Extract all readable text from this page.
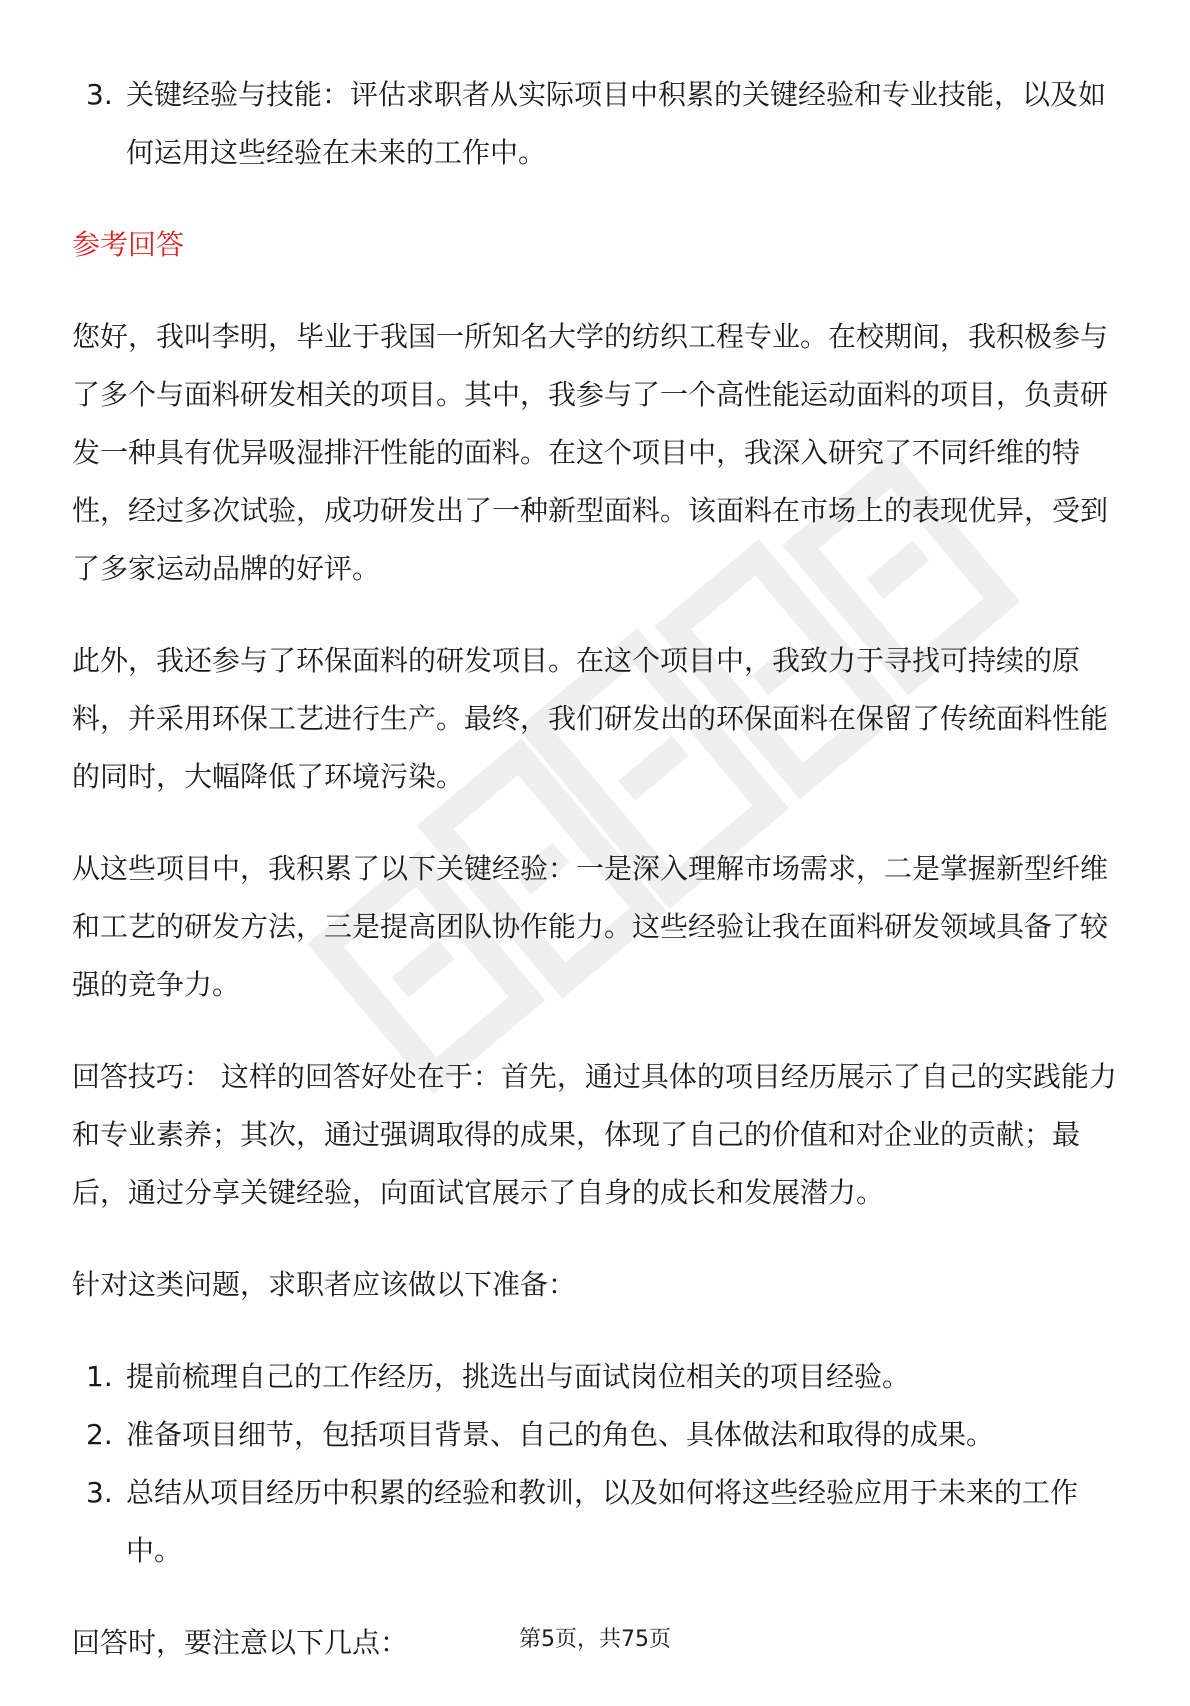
3. 关键经验与技能：评估求职者从实际项目中积累的关键经验和专业技能，以及如何运用这些经验在未来的工作中。
参考回答

您好，我叫李明，毕业于我国一所知名大学的纺织工程专业。在校期间，我积极参与了多个与面料研发相关的项目。其中，我参与了一个高性能运动面料的项目，负责研发一种具有优异吸湿排汗性能的面料。在这个项目中，我深入研究了不同纤维的特性，经过多次试验，成功研发出了一种新型面料。该面料在市场上的表现优异，受到了多家运动品牌的好评。

此外，我还参与了环保面料的研发项目。在这个项目中，我致力于寻找可持续的原料，并采用环保工艺进行生产。最终，我们研发出的环保面料在保留了传统面料性能的同时，大幅降低了环境污染。

从这些项目中，我积累了以下关键经验：一是深入理解市场需求，二是掌握新型纤维和工艺的研发方法，三是提高团队协作能力。这些经验让我在面料研发领域具备了较强的竞争力。

回答技巧： 这样的回答好处在于：首先，通过具体的项目经历展示了自己的实践能力和专业素养；其次，通过强调取得的成果，体现了自己的价值和对企业的贡献；最后，通过分享关键经验，向面试官展示了自身的成长和发展潜力。

针对这类问题，求职者应该做以下准备：

1. 提前梳理自己的工作经历，挑选出与面试岗位相关的项目经验。
2. 准备项目细节，包括项目背景、自己的角色、具体做法和取得的成果。
3. 总结从项目经历中积累的经验和教训，以及如何将这些经验应用于未来的工作中。

回答时，要注意以下几点：	第5页，共75页
